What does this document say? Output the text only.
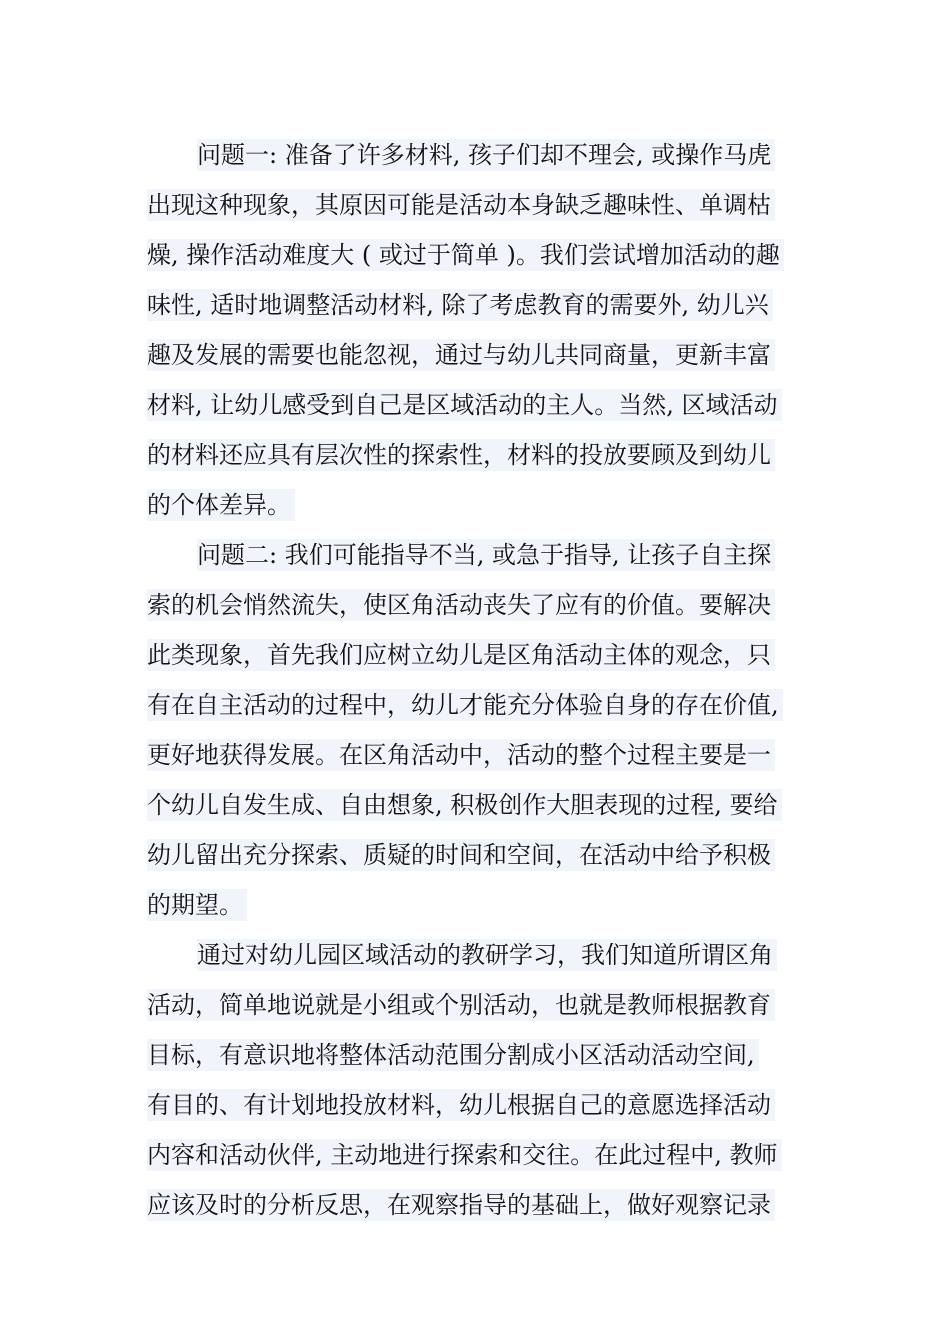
问题一: 准备了许多材料, 孩子们却不理会, 或操作马虎
出现这种现象，其原因可能是活动本身缺乏趣味性、单调枯
燥, 操作活动难度大 ( 或过于简单 )。我们尝试增加活动的趣
味性, 适时地调整活动材料, 除了考虑教育的需要外, 幼儿兴
趣及发展的需要也能忽视，通过与幼儿共同商量，更新丰富
材料, 让幼儿感受到自己是区域活动的主人。当然, 区域活动
的材料还应具有层次性的探索性，材料的投放要顾及到幼儿
的个体差异。
问题二: 我们可能指导不当, 或急于指导, 让孩子自主探
索的机会悄然流失，使区角活动丧失了应有的价值。要解决
此类现象，首先我们应树立幼儿是区角活动主体的观念，只
有在自主活动的过程中，幼儿才能充分体验自身的存在价值,
更好地获得发展。在区角活动中，活动的整个过程主要是一
个幼儿自发生成、自由想象, 积极创作大胆表现的过程, 要给
幼儿留出充分探索、质疑的时间和空间，在活动中给予积极
的期望。
通过对幼儿园区域活动的教研学习，我们知道所谓区角
活动，简单地说就是小组或个别活动，也就是教师根据教育
目标，有意识地将整体活动范围分割成小区活动活动空间,
有目的、有计划地投放材料，幼儿根据自己的意愿选择活动
内容和活动伙伴, 主动地进行探索和交往。在此过程中, 教师
应该及时的分析反思，在观察指导的基础上，做好观察记录
